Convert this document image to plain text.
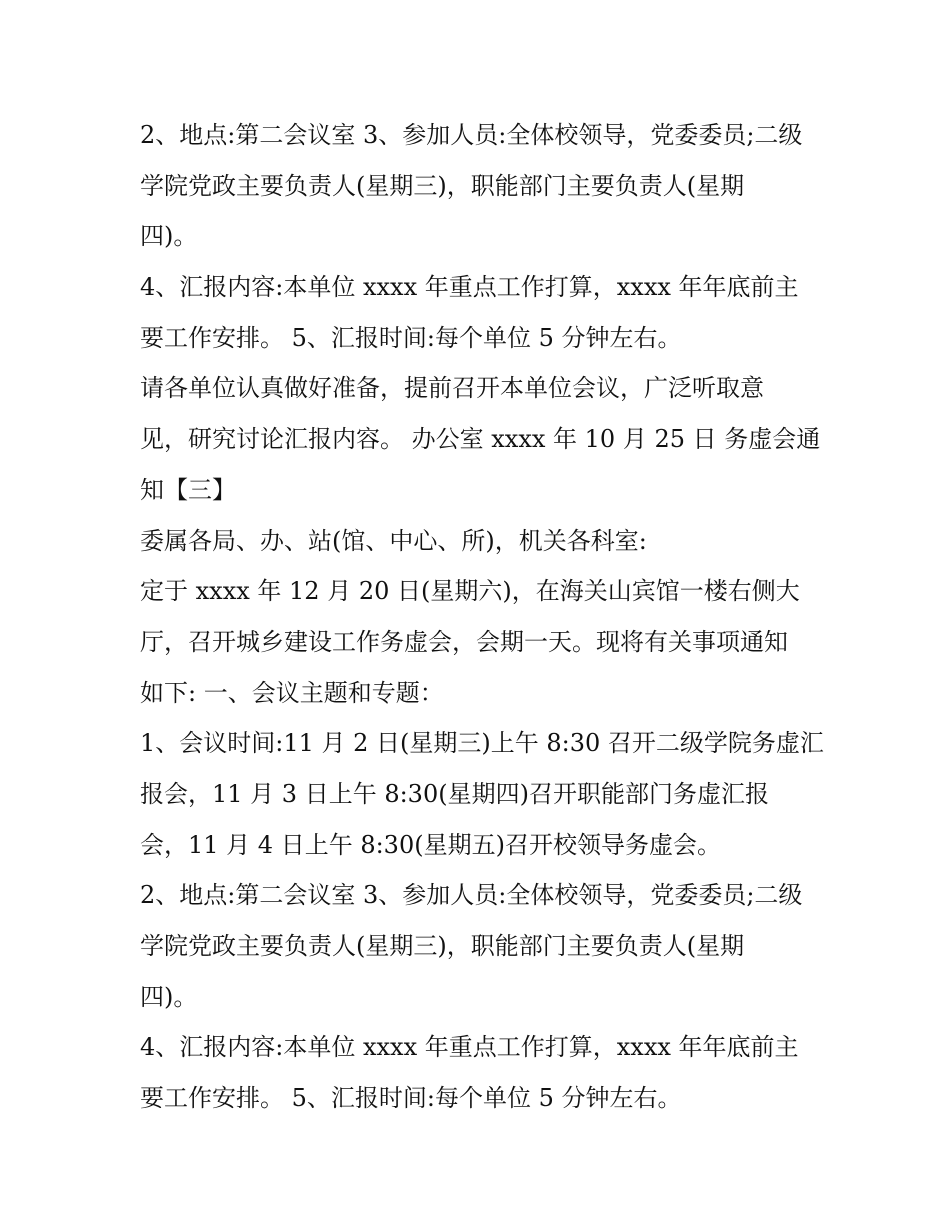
2、地点:第二会议室 3、参加人员:全体校领导，党委委员;二级
学院党政主要负责人(星期三)，职能部门主要负责人(星期
四)。
4、汇报内容:本单位 xxxx 年重点工作打算，xxxx 年年底前主
要工作安排。 5、汇报时间:每个单位 5 分钟左右。
请各单位认真做好准备，提前召开本单位会议，广泛听取意
见，研究讨论汇报内容。 办公室 xxxx 年 10 月 25 日 务虚会通
知【三】
委属各局、办、站(馆、中心、所)，机关各科室:
定于 xxxx 年 12 月 20 日(星期六)，在海关山宾馆一楼右侧大
厅，召开城乡建设工作务虚会，会期一天。现将有关事项通知
如下: 一、会议主题和专题：
1、会议时间:11 月 2 日(星期三)上午 8:30 召开二级学院务虚汇
报会，11 月 3 日上午 8:30(星期四)召开职能部门务虚汇报
会，11 月 4 日上午 8:30(星期五)召开校领导务虚会。
2、地点:第二会议室 3、参加人员:全体校领导，党委委员;二级
学院党政主要负责人(星期三)，职能部门主要负责人(星期
四)。
4、汇报内容:本单位 xxxx 年重点工作打算，xxxx 年年底前主
要工作安排。 5、汇报时间:每个单位 5 分钟左右。
